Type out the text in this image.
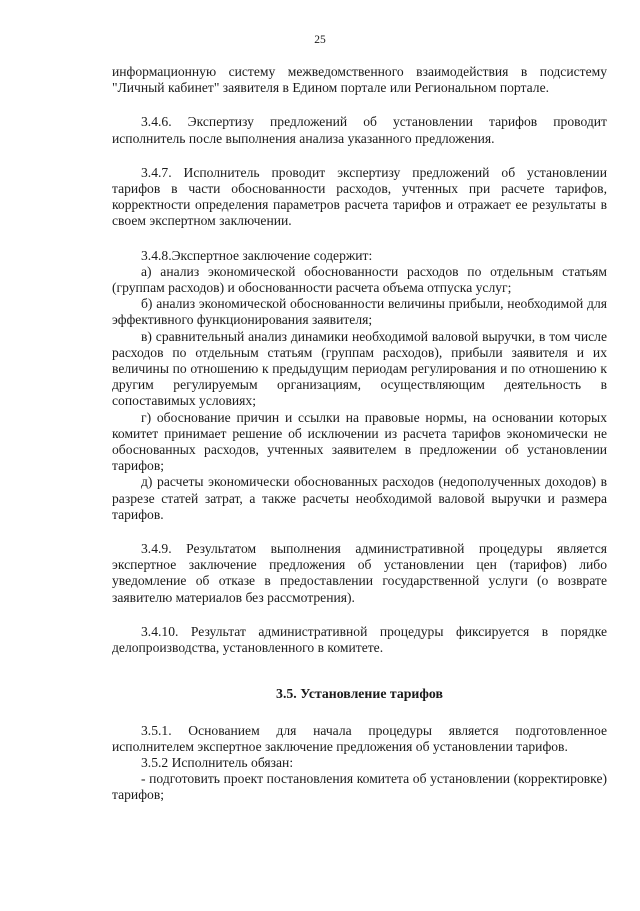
25

информационную систему межведомственного взаимодействия в подсистему "Личный кабинет" заявителя в Едином портале или Региональном портале.

3.4.6. Экспертизу предложений об установлении тарифов проводит исполнитель после выполнения анализа указанного предложения.

3.4.7. Исполнитель проводит экспертизу предложений об установлении тарифов в части обоснованности расходов, учтенных при расчете тарифов, корректности определения параметров расчета тарифов и отражает ее результаты в своем экспертном заключении.

3.4.8.Экспертное заключение содержит:

а) анализ экономической обоснованности расходов по отдельным статьям (группам расходов) и обоснованности расчета объема отпуска услуг;

б) анализ экономической обоснованности величины прибыли, необходимой для эффективного функционирования заявителя;

в) сравнительный анализ динамики необходимой валовой выручки, в том числе расходов по отдельным статьям (группам расходов), прибыли заявителя и их величины по отношению к предыдущим периодам регулирования и по отношению к другим регулируемым организациям, осуществляющим деятельность в сопоставимых условиях;

г) обоснование причин и ссылки на правовые нормы, на основании которых комитет принимает решение об исключении из расчета тарифов экономически не обоснованных расходов, учтенных заявителем в предложении об установлении тарифов;

д) расчеты экономически обоснованных расходов (недополученных доходов) в разрезе статей затрат, а также расчеты необходимой валовой выручки и размера тарифов.

3.4.9. Результатом выполнения административной процедуры является экспертное заключение предложения об установлении цен (тарифов) либо уведомление об отказе в предоставлении государственной услуги (о возврате заявителю материалов без рассмотрения).

3.4.10. Результат административной процедуры фиксируется в порядке делопроизводства, установленного в комитете.

3.5. Установление тарифов

3.5.1. Основанием для начала процедуры является подготовленное исполнителем экспертное заключение предложения об установлении тарифов.

3.5.2 Исполнитель обязан:

- подготовить проект постановления комитета об установлении (корректировке) тарифов;
